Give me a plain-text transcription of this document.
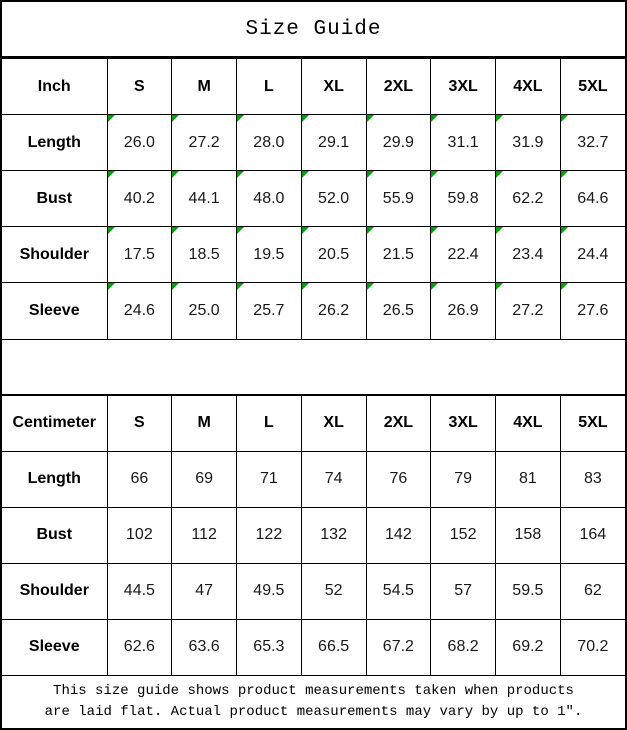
Size Guide
Inch	S	M	L	XL	2XL	3XL	4XL	5XL
Length	26.0	27.2	28.0	29.1	29.9	31.1	31.9	32.7
Bust	40.2	44.1	48.0	52.0	55.9	59.8	62.2	64.6
Shoulder	17.5	18.5	19.5	20.5	21.5	22.4	23.4	24.4
Sleeve	24.6	25.0	25.7	26.2	26.5	26.9	27.2	27.6
Centimeter	S	M	L	XL	2XL	3XL	4XL	5XL
Length	66	69	71	74	76	79	81	83
Bust	102	112	122	132	142	152	158	164
Shoulder	44.5	47	49.5	52	54.5	57	59.5	62
Sleeve	62.6	63.6	65.3	66.5	67.2	68.2	69.2	70.2
This size guide shows product measurements taken when products
are laid flat. Actual product measurements may vary by up to 1″.
